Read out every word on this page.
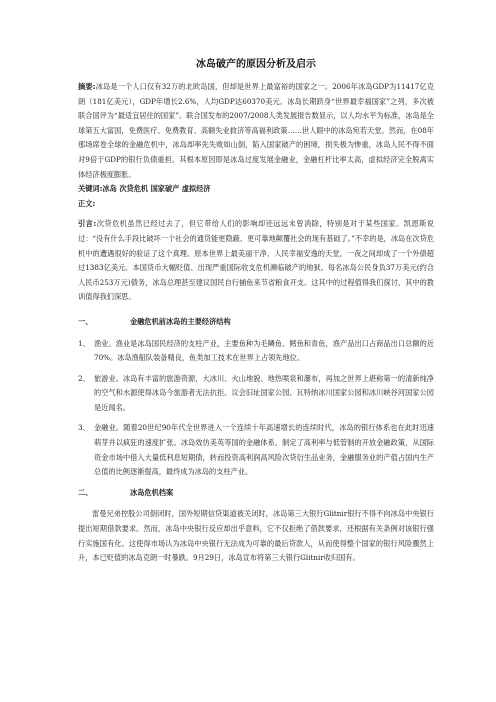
冰岛破产的原因分析及启示

摘要:冰岛是一个人口仅有32万的北欧岛国，但却是世界上最富裕的国家之一。2006年冰岛GDP为11417亿克朗（181亿美元），GDP年增长2.6%，人均GDP达60370美元。冰岛长期跻身“世界最幸福国家”之列，多次被联合国评为“最适宜居住的国家”。联合国发布的2007/2008人类发展报告数显示，以人均水平为标准，冰岛是全球第五大富国，免费医疗、免费教育、高额失业救济等高福利政策……世人眼中的冰岛宛若天堂。然而，在08年那场席卷全球的金融危机中，冰岛却率先失败如山倒，陷入国家破产的困境，损失极为惨重，冰岛人民不得不面对9倍于GDP的银行负债重担。其根本原因即是冰岛过度发展金融业，金融杠杆比率太高，虚拟经济完全脱离实体经济极度膨胀。

关键词:冰岛 次贷危机 国家破产 虚拟经济

正文:

引言:次贷危机虽然已经过去了，但它带给人们的影响却还远远未曾消除，特别是对于某些国家。凯恩斯说过：“没有什么手段比破坏一个社会的通货能更隐蔽、更可靠地颠覆社会的现有基础了。”不幸的是，冰岛在次贷危机中的遭遇很好的验证了这个真理。原本世界上最美丽干净、人民幸福安逸的天堂，一夜之间却成了一个外债超过1383亿美元、本国货币大幅贬值、出现严重国际收支危机濒临破产的地狱。每名冰岛公民身负37万美元(约合人民币253万元)债务，冰岛总理甚至建议国民自行捕鱼来节省粮食开支。这其中的过程值得我们探讨，其中的教训值得我们深思。

一、	金融危机前冰岛的主要经济结构
1、 渔业。渔业是冰岛国民经济的支柱产业，主要鱼种为毛鳞鱼、鳕鱼和青鱼，渔产品出口占商品出口总额的近70%。冰岛渔船队装备精良，鱼类加工技术在世界上占领先地位。
2、 旅游业。冰岛有丰富的旅游资源，大冰川、火山地貌、地热喷泉和瀑布，再加之世界上堪称第一的清新纯净的空气和水源使得冰岛今旅游者无法抗拒。议会旧址国家公园、瓦特纳冰川国家公园和冰川峡谷河国家公园是近闻名。
3、 金融业。随着20世纪90年代全世界进入一个连续十年高速增长的连续时代，冰岛的银行体系也在此时迅速萌芽并以疯狂的速度扩张。冰岛效仿美英等国的金融体系，制定了高利率与低管制的开放金融政策，从国际资金市场中借入大量低利息短期债，转而投资高利润高风险次贷衍生品业务，金融服务业的产值占国内生产总值的比例逐渐提高，最终成为冰岛的支柱产业。
二、	冰岛危机档案

雷曼兄弟控股公司倒闭时，国外短期信贷渠道被关闭时，冰岛第三大银行Glitnir银行不得不向冰岛中央银行提出短期借款要求。然而，冰岛中央银行反应却出乎意料，它不仅拒绝了借款要求，还根据有关条例对该银行强行实施国有化。这使得市场认为冰岛中央银行无法成为可靠的最后贷款人，从而使得整个国家的银行风险骤然上升，本已贬值的冰岛克朗一时暴跌。9月29日，冰岛宣布将第三大银行Glitnir收归国有。
